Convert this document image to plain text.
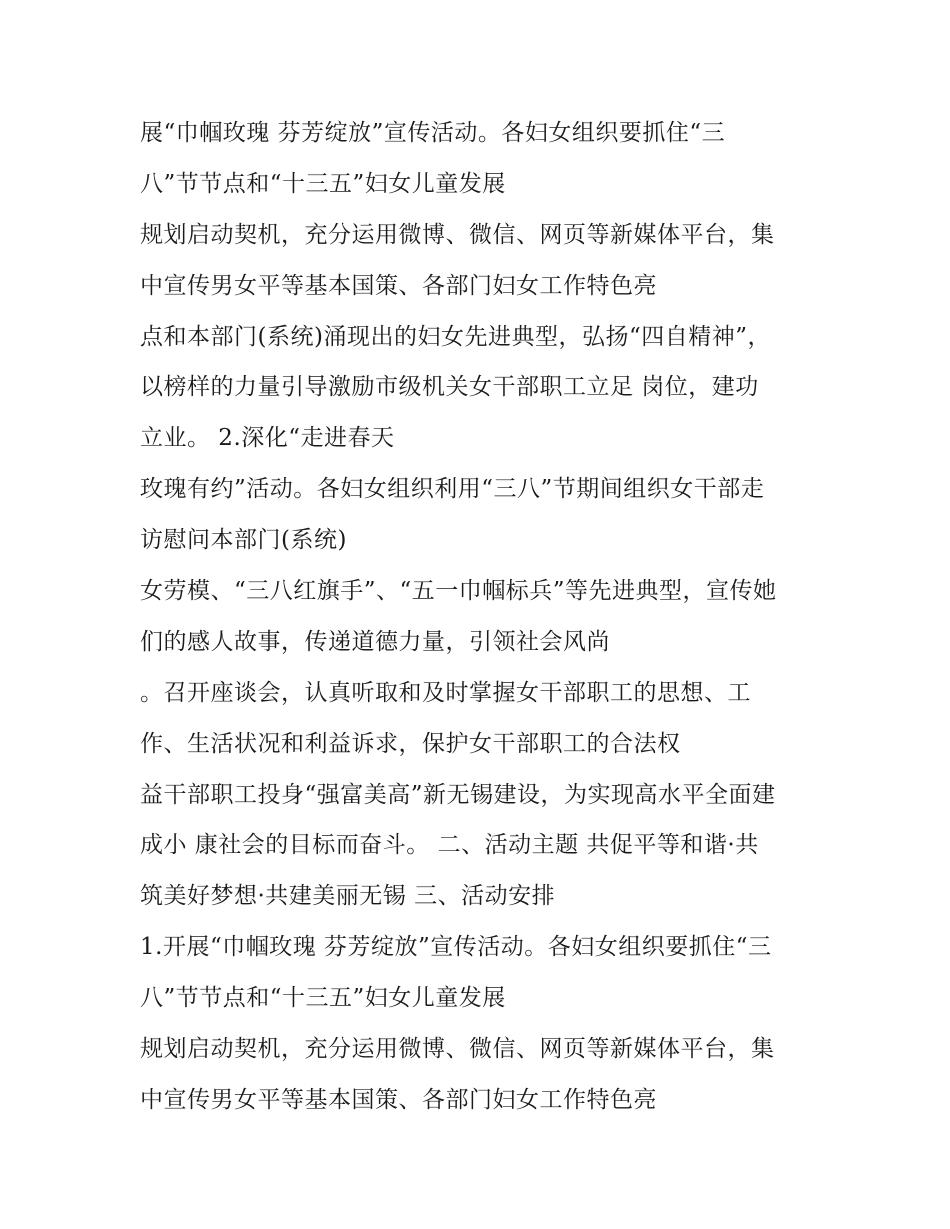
展“巾帼玫瑰 芬芳绽放”宣传活动。各妇女组织要抓住“三
八”节节点和“十三五”妇女儿童发展
规划启动契机，充分运用微博、微信、网页等新媒体平台，集
中宣传男女平等基本国策、各部门妇女工作特色亮
点和本部门(系统)涌现出的妇女先进典型，弘扬“四自精神”，
以榜样的力量引导激励市级机关女干部职工立足 岗位，建功
立业。 2.深化“走进春天
玫瑰有约”活动。各妇女组织利用“三八”节期间组织女干部走
访慰问本部门(系统)
女劳模、“三八红旗手”、“五一巾帼标兵”等先进典型，宣传她
们的感人故事，传递道德力量，引领社会风尚
。召开座谈会，认真听取和及时掌握女干部职工的思想、工
作、生活状况和利益诉求，保护女干部职工的合法权
益干部职工投身“强富美高”新无锡建设，为实现高水平全面建
成小 康社会的目标而奋斗。 二、活动主题 共促平等和谐·共
筑美好梦想·共建美丽无锡 三、活动安排
1.开展“巾帼玫瑰 芬芳绽放”宣传活动。各妇女组织要抓住“三
八”节节点和“十三五”妇女儿童发展
规划启动契机，充分运用微博、微信、网页等新媒体平台，集
中宣传男女平等基本国策、各部门妇女工作特色亮
